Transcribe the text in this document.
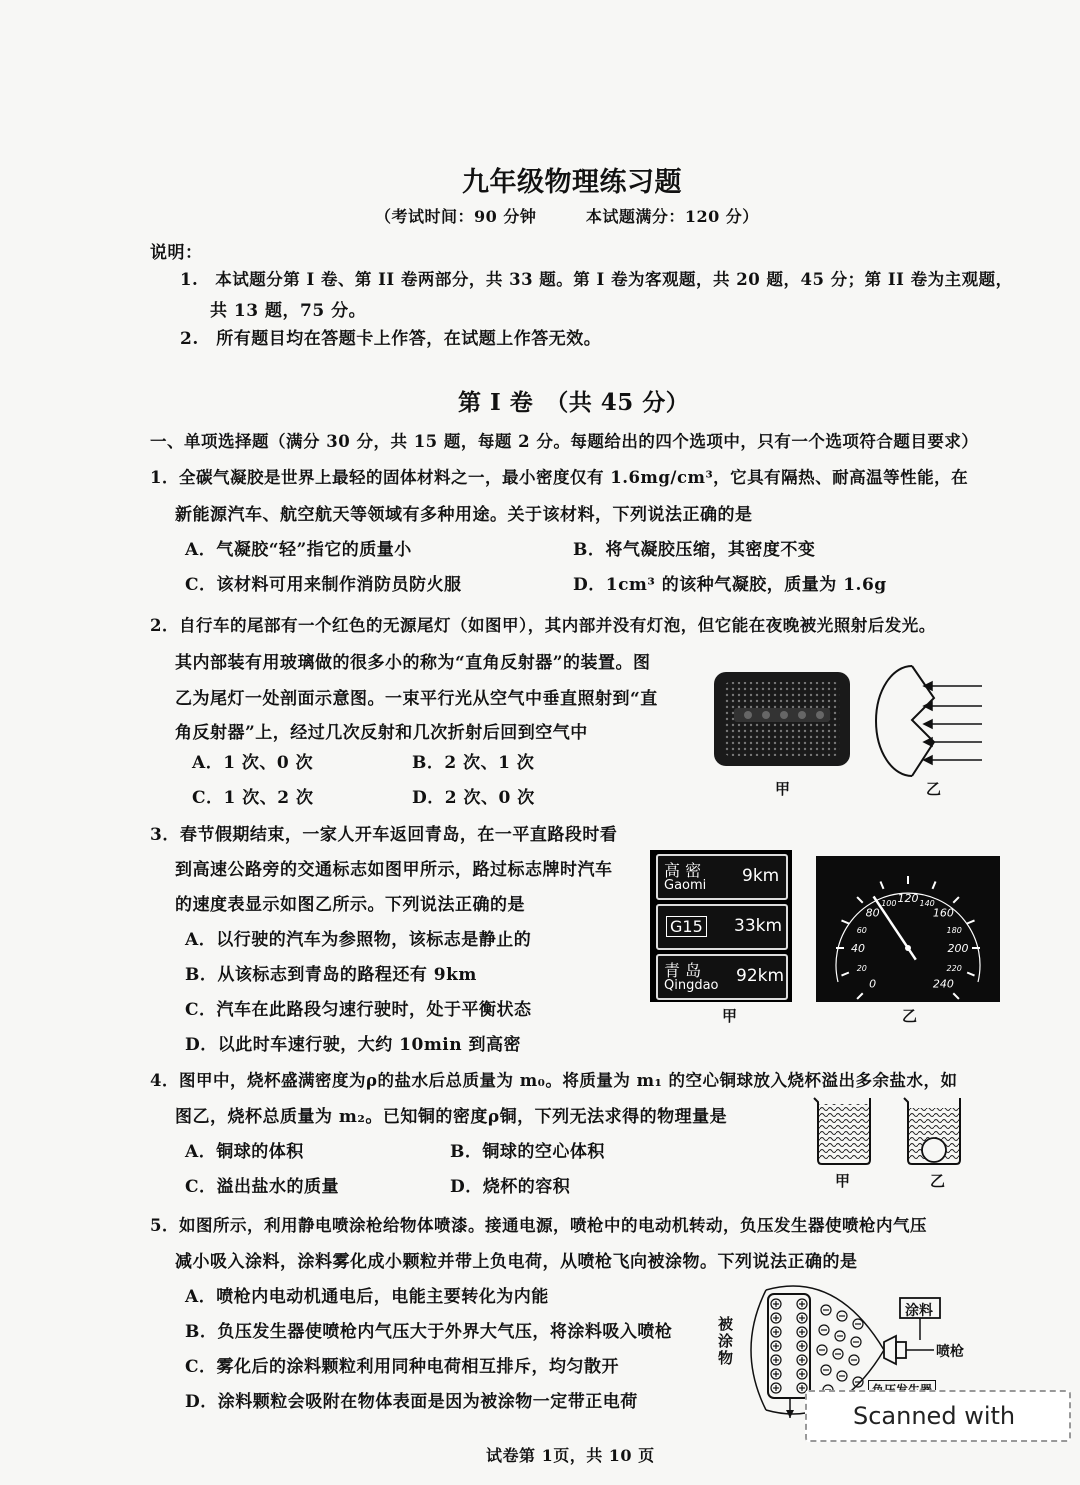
九年级物理练习题
（考试时间：90 分钟　　　本试题满分：120 分）
说明：
1.　本试题分第 I 卷、第 II 卷两部分，共 33 题。第 I 卷为客观题，共 20 题，45 分；第 II 卷为主观题，
共 13 题，75 分。
2.　所有题目均在答题卡上作答，在试题上作答无效。
第 I 卷　（共 45 分）
一、单项选择题（满分 30 分，共 15 题，每题 2 分。每题给出的四个选项中，只有一个选项符合题目要求）
1．全碳气凝胶是世界上最轻的固体材料之一，最小密度仅有 1.6mg/cm³，它具有隔热、耐高温等性能，在
新能源汽车、航空航天等领域有多种用途。关于该材料，下列说法正确的是
A．气凝胶“轻”指它的质量小	B．将气凝胶压缩，其密度不变
C．该材料可用来制作消防员防火服	D．1cm³ 的该种气凝胶，质量为 1.6g
2．自行车的尾部有一个红色的无源尾灯（如图甲），其内部并没有灯泡，但它能在夜晚被光照射后发光。
其内部装有用玻璃做的很多小的称为“直角反射器”的装置。图
乙为尾灯一处剖面示意图。一束平行光从空气中垂直照射到“直
角反射器”上，经过几次反射和几次折射后回到空气中
A．1 次、0 次	B．2 次、1 次
C．1 次、2 次	D．2 次、0 次	甲	乙
3．春节假期结束，一家人开车返回青岛，在一平直路段时看
到高速公路旁的交通标志如图甲所示，路过标志牌时汽车
的速度表显示如图乙所示。下列说法正确的是
A．以行驶的汽车为参照物，该标志是静止的
B．从该标志到青岛的路程还有 9km
C．汽车在此路段匀速行驶时，处于平衡状态
D．以此时车速行驶，大约 10min 到高密
高 密
Gaomi 9km
G15 33km
青 岛
Qingdao 92km
甲
0
20
40
60
80
100 120 140
160
180
200
220
240
乙
4．图甲中，烧杯盛满密度为ρ的盐水后总质量为 m₀。将质量为 m₁ 的空心铜球放入烧杯溢出多余盐水，如
图乙，烧杯总质量为 m₂。已知铜的密度ρ铜，下列无法求得的物理量是
A．铜球的体积	B．铜球的空心体积
C．溢出盐水的质量	D．烧杯的容积	甲	乙
5．如图所示，利用静电喷涂枪给物体喷漆。接通电源，喷枪中的电动机转动，负压发生器使喷枪内气压
减小吸入涂料，涂料雾化成小颗粒并带上负电荷，从喷枪飞向被涂物。下列说法正确的是
A．喷枪内电动机通电后，电能主要转化为内能
B．负压发生器使喷枪内气压大于外界大气压，将涂料吸入喷枪
C．雾化后的涂料颗粒利用同种电荷相互排斥，均匀散开
D．涂料颗粒会吸附在物体表面是因为被涂物一定带正电荷
被涂物
涂料
喷枪
Scanned with
试卷第 1页，共 10 页
